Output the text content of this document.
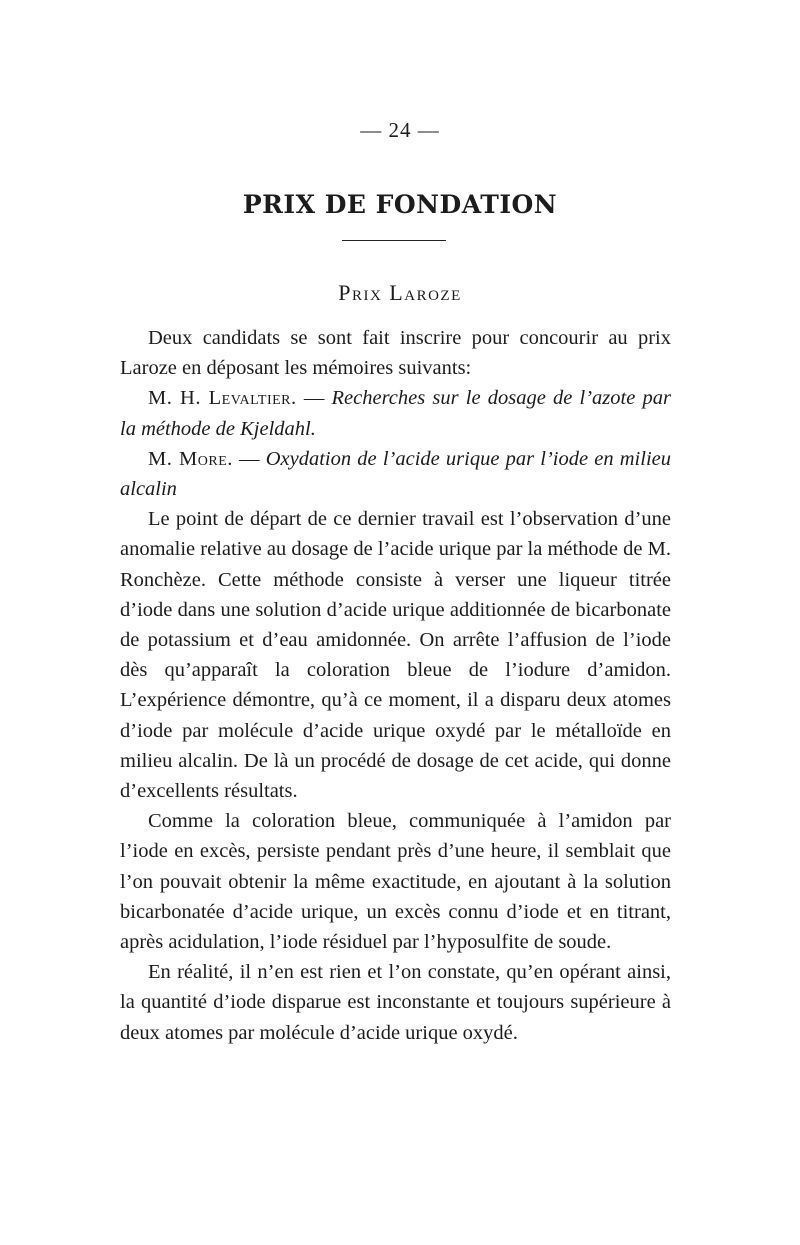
— 24 —
PRIX DE FONDATION
Prix Laroze

Deux candidats se sont fait inscrire pour concourir au prix Laroze en déposant les mémoires suivants:

M. H. Levaltier. — Recherches sur le dosage de l’azote par la méthode de Kjeldahl.
M. More. — Oxydation de l’acide urique par l’iode en milieu alcalin

Le point de départ de ce dernier travail est l’observation d’une anomalie relative au dosage de l’acide urique par la méthode de M. Ronchèze. Cette méthode consiste à verser une liqueur titrée d’iode dans une solution d’acide urique additionnée de bicarbonate de potassium et d’eau amidonnée. On arrête l’affusion de l’iode dès qu’apparaît la coloration bleue de l’iodure d’amidon. L’expérience démontre, qu’à ce moment, il a disparu deux atomes d’iode par molécule d’acide urique oxydé par le métalloïde en milieu alcalin. De là un procédé de dosage de cet acide, qui donne d’excellents résultats.

Comme la coloration bleue, communiquée à l’amidon par l’iode en excès, persiste pendant près d’une heure, il semblait que l’on pouvait obtenir la même exactitude, en ajoutant à la solution bicarbonatée d’acide urique, un excès connu d’iode et en titrant, après acidulation, l’iode résiduel par l’hyposulfite de soude.

En réalité, il n’en est rien et l’on constate, qu’en opérant ainsi, la quantité d’iode disparue est inconstante et toujours supérieure à deux atomes par molécule d’acide urique oxydé.
